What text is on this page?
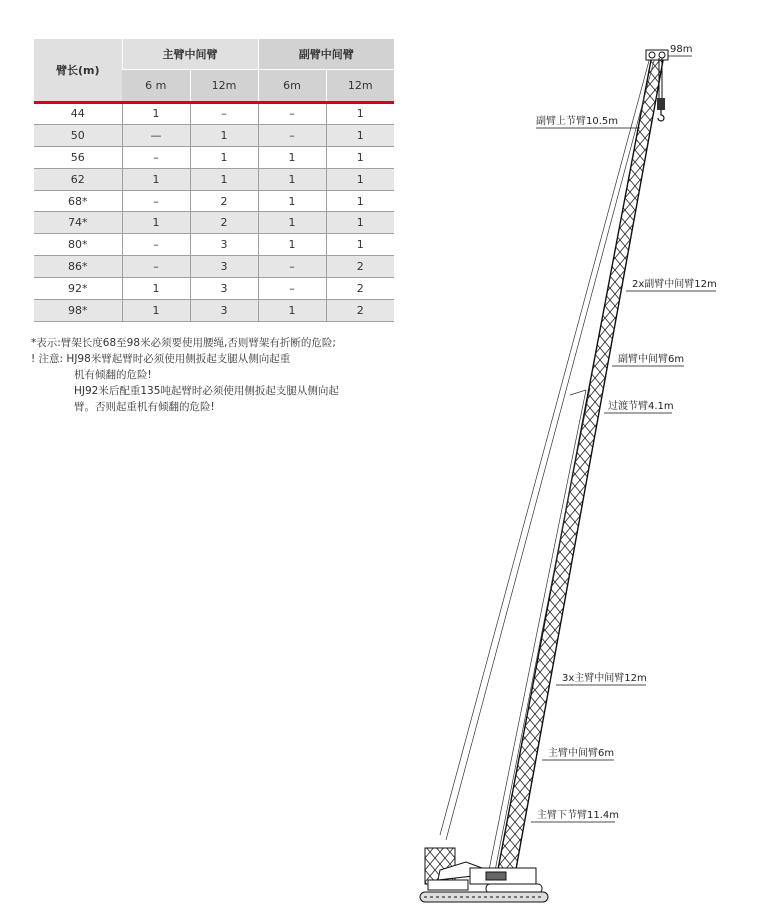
臂长(m)	主臂中间臂		副臂中间臂	
	6 m	12m	6m	12m
44	1	–	–	1
50	—	1	–	1
56	–	1	1	1
62	1	1	1	1
68*	–	2	1	1
74*	1	2	1	1
80*	–	3	1	1
86*	–	3	–	2
92*	1	3	–	2
98*	1	3	1	2
*表示:臂架长度68至98米必须要使用腰绳,否则臂架有折断的危险;
! 注意: HJ98米臂起臂时必须使用侧扳起支腿从侧向起重
机有倾翻的危险!
HJ92米后配重135吨起臂时必须使用侧扳起支腿从侧向起
臂。否则起重机有倾翻的危险!
98m
副臂上节臂10.5m
2x副臂中间臂12m
副臂中间臂6m
过渡节臂4.1m
3x主臂中间臂12m
主臂中间臂6m
主臂下节臂11.4m
